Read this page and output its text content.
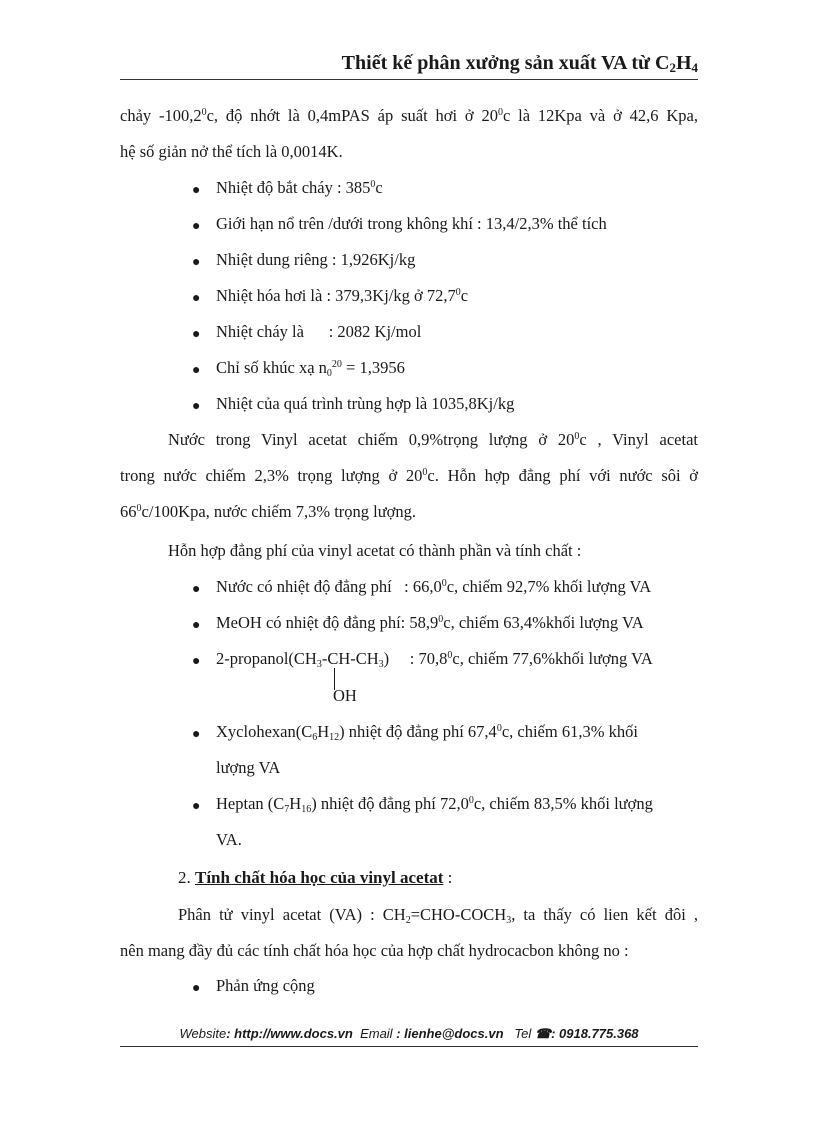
Thiết kế phân xưởng sản xuất VA từ $C_2H_4$
chảy -100,2$^0$c, độ nhớt là 0,4mPAS áp suất hơi ở $20^0c$ là 12Kpa và ở 42,6 Kpa,
hệ số giản nở thể tích là 0,0014K.
● Nhiệt độ bắt cháy : $385^0c$
● Giới hạn nổ trên /dưới trong không khí : 13,4/2,3% thể tích
● Nhiệt dung riêng : 1,926Kj/kg
● Nhiệt hóa hơi là : 379,3Kj/kg ở 72,7$^0$c
● Nhiệt cháy là      : 2082 Kj/mol
● Chỉ số khúc xạ $n_0^{20} = 1,3956$
● Nhiệt của quá trình trùng hợp là 1035,8Kj/kg
Nước trong Vinyl acetat chiếm 0,9%trọng lượng ở $20^0c$ , Vinyl acetat
trong nước chiếm 2,3% trọng lượng ở $20^0c$. Hỗn hợp đẳng phí với nước sôi ở
$66^0c/100Kpa$, nước chiếm 7,3% trọng lượng.
Hỗn hợp đẳng phí của vinyl acetat có thành phần và tính chất :
● Nước có nhiệt độ đẳng phí   : 66,0$^0$c, chiếm 92,7% khối lượng VA
● MeOH có nhiệt độ đẳng phí: 58,9$^0$c, chiếm 63,4%khối lượng VA
● $2-propanol(CH_3-CH-CH_3)$     : 70,8$^0$c, chiếm 77,6%khối lượng VA
OH
● $Xyclohexan(C_6H_{12})$ nhiệt độ đẳng phí 67,4$^0$c, chiếm 61,3% khối
lượng VA
● Heptan $(C_7H_{16})$ nhiệt độ đẳng phí 72,0$^0$c, chiếm 83,5% khối lượng
VA.
2. Tính chất hóa học của vinyl acetat :
Phân tử vinyl acetat (VA) : $CH_2=CHO-COCH_3$, ta thấy có lien kết đôi ,
nên mang đầy đủ các tính chất hóa học của hợp chất hydrocacbon không no :
● Phản ứng cộng
Website: http://www.docs.vn Email : lienhe@docs.vn Tel ☎: 0918.775.368
